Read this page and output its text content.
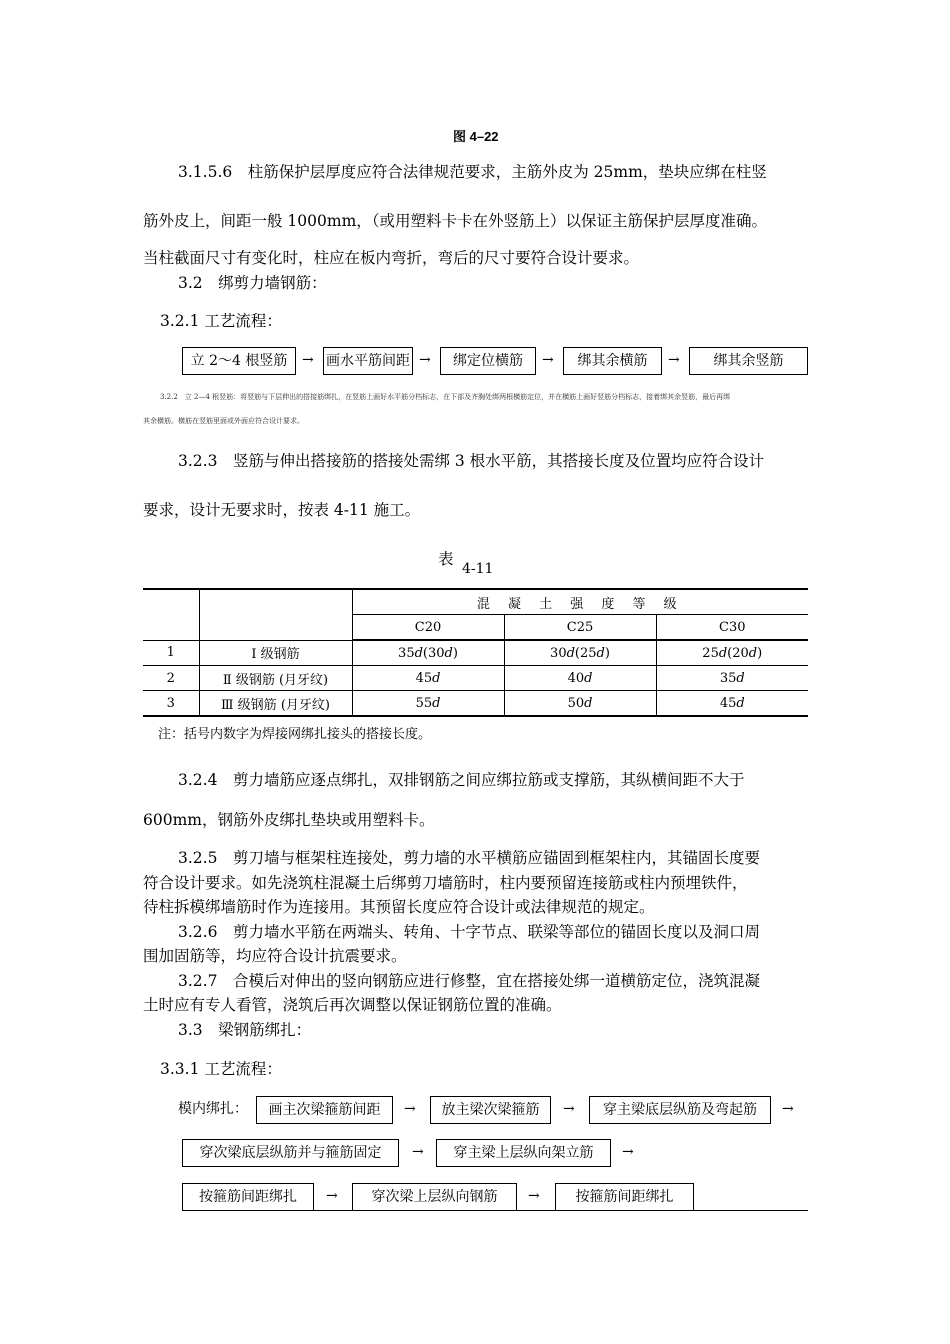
图 4–22
3.1.5.6　柱筋保护层厚度应符合法律规范要求，主筋外皮为 25mm，垫块应绑在柱竖
筋外皮上，间距一般 1000mm，（或用塑料卡卡在外竖筋上）以保证主筋保护层厚度准确。
当柱截面尺寸有变化时，柱应在板内弯折，弯后的尺寸要符合设计要求。
3.2　绑剪力墙钢筋：
3.2.1 工艺流程：
立 2～4 根竖筋	→ 画水平筋间距 →	绑定位横筋	→	绑其余横筋	→	绑其余竖筋
3.2.2　立 2—4 根竖筋：将竖筋与下层伸出的搭接筋绑扎，在竖筋上画好水平筋分档标志，在下部及齐胸处绑两根横筋定位，并在横筋上画好竖筋分档标志，接着绑其余竖筋，最后再绑
其余横筋。横筋在竖筋里面或外面应符合设计要求。
3.2.3　竖筋与伸出搭接筋的搭接处需绑 3 根水平筋，其搭接长度及位置均应符合设计
要求，设计无要求时，按表 4-11 施工。
表
4-11
		混 凝 土 强 度 等 级		
		C20	C25	C30
1	Ⅰ 级钢筋	35d(30d)	30d(25d)	25d(20d)
2	Ⅱ 级钢筋 (月牙纹)	45d	40d	35d
3	Ⅲ 级钢筋 (月牙纹)	55d	50d	45d
注：括号内数字为焊接网绑扎接头的搭接长度。
3.2.4　剪力墙筋应逐点绑扎，双排钢筋之间应绑拉筋或支撑筋，其纵横间距不大于
600mm，钢筋外皮绑扎垫块或用塑料卡。
3.2.5　剪刀墙与框架柱连接处，剪力墙的水平横筋应锚固到框架柱内，其锚固长度要
符合设计要求。如先浇筑柱混凝土后绑剪刀墙筋时，柱内要预留连接筋或柱内预埋铁件，
待柱拆模绑墙筋时作为连接用。其预留长度应符合设计或法律规范的规定。
3.2.6　剪力墙水平筋在两端头、转角、十字节点、联梁等部位的锚固长度以及洞口周
围加固筋等，均应符合设计抗震要求。
3.2.7　合模后对伸出的竖向钢筋应进行修整，宜在搭接处绑一道横筋定位，浇筑混凝
土时应有专人看管，浇筑后再次调整以保证钢筋位置的准确。
3.3　梁钢筋绑扎：
3.3.1 工艺流程：
模内绑扎：	画主次梁箍筋间距	→	放主梁次梁箍筋	→	穿主梁底层纵筋及弯起筋	→
穿次梁底层纵筋并与箍筋固定	→	穿主梁上层纵向架立筋	→
按箍筋间距绑扎	→	穿次梁上层纵向钢筋	→	按箍筋间距绑扎
